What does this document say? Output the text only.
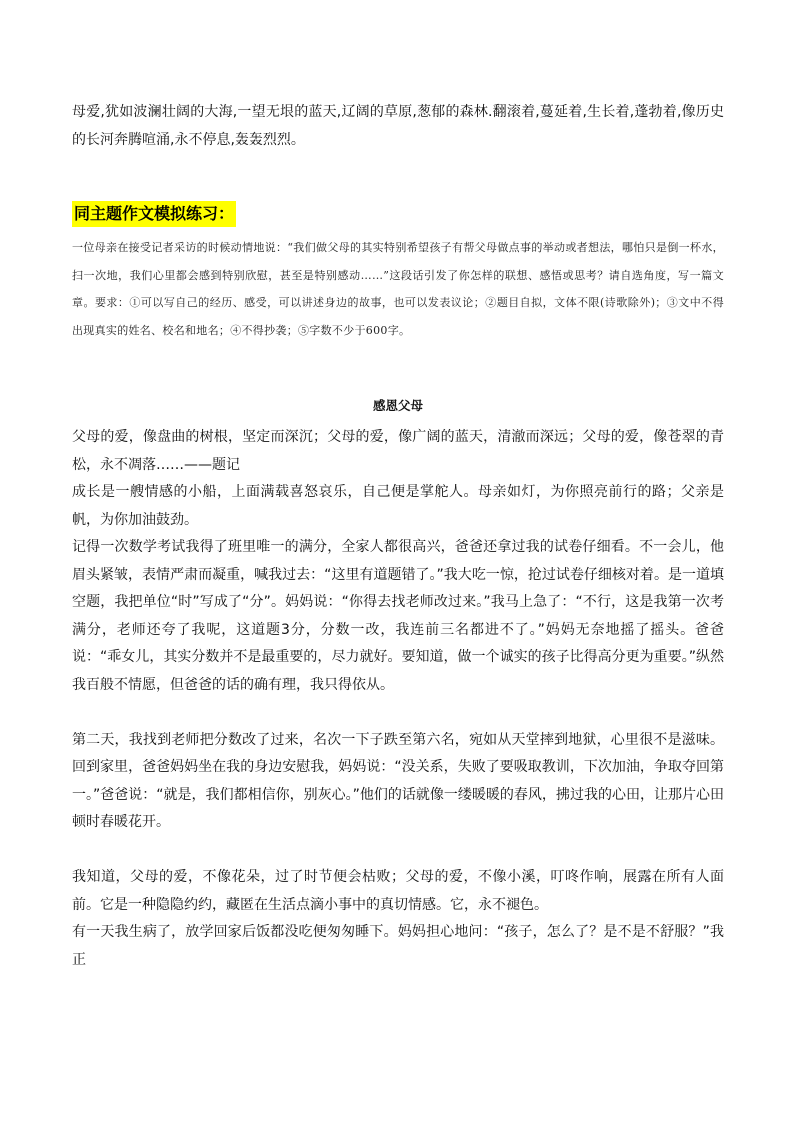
母爱,犹如波澜壮阔的大海,一望无垠的蓝天,辽阔的草原,葱郁的森林.翻滚着,蔓延着,生长着,蓬勃着,像历史的长河奔腾喧涌,永不停息,轰轰烈烈。

同主题作文模拟练习：

一位母亲在接受记者采访的时候动情地说：“我们做父母的其实特别希望孩子有帮父母做点事的举动或者想法，哪怕只是倒一杯水，扫一次地，我们心里都会感到特别欣慰，甚至是特别感动……”这段话引发了你怎样的联想、感悟或思考？请自选角度，写一篇文章。要求：①可以写自己的经历、感受，可以讲述身边的故事，也可以发表议论；②题目自拟，文体不限(诗歌除外)；③文中不得出现真实的姓名、校名和地名；④不得抄袭；⑤字数不少于600字。

感恩父母

父母的爱，像盘曲的树根，坚定而深沉；父母的爱，像广阔的蓝天，清澈而深远；父母的爱，像苍翠的青松，永不凋落……——题记

成长是一艘情感的小船，上面满载喜怒哀乐，自己便是掌舵人。母亲如灯，为你照亮前行的路；父亲是帆，为你加油鼓劲。

记得一次数学考试我得了班里唯一的满分，全家人都很高兴，爸爸还拿过我的试卷仔细看。不一会儿，他眉头紧皱，表情严肃而凝重，喊我过去：“这里有道题错了。”我大吃一惊，抢过试卷仔细核对着。是一道填空题，我把单位“时”写成了“分”。妈妈说：“你得去找老师改过来。”我马上急了：“不行，这是我第一次考满分，老师还夸了我呢，这道题3分，分数一改，我连前三名都进不了。”妈妈无奈地摇了摇头。爸爸说：“乖女儿，其实分数并不是最重要的，尽力就好。要知道，做一个诚实的孩子比得高分更为重要。”纵然我百般不情愿，但爸爸的话的确有理，我只得依从。

第二天，我找到老师把分数改了过来，名次一下子跌至第六名，宛如从天堂摔到地狱，心里很不是滋味。回到家里，爸爸妈妈坐在我的身边安慰我，妈妈说：“没关系，失败了要吸取教训，下次加油，争取夺回第一。”爸爸说：“就是，我们都相信你，别灰心。”他们的话就像一缕暖暖的春风，拂过我的心田，让那片心田顿时春暖花开。

我知道，父母的爱，不像花朵，过了时节便会枯败；父母的爱，不像小溪，叮咚作响，展露在所有人面前。它是一种隐隐约约，藏匿在生活点滴小事中的真切情感。它，永不褪色。

有一天我生病了，放学回家后饭都没吃便匆匆睡下。妈妈担心地问：“孩子，怎么了？是不是不舒服？”我正
